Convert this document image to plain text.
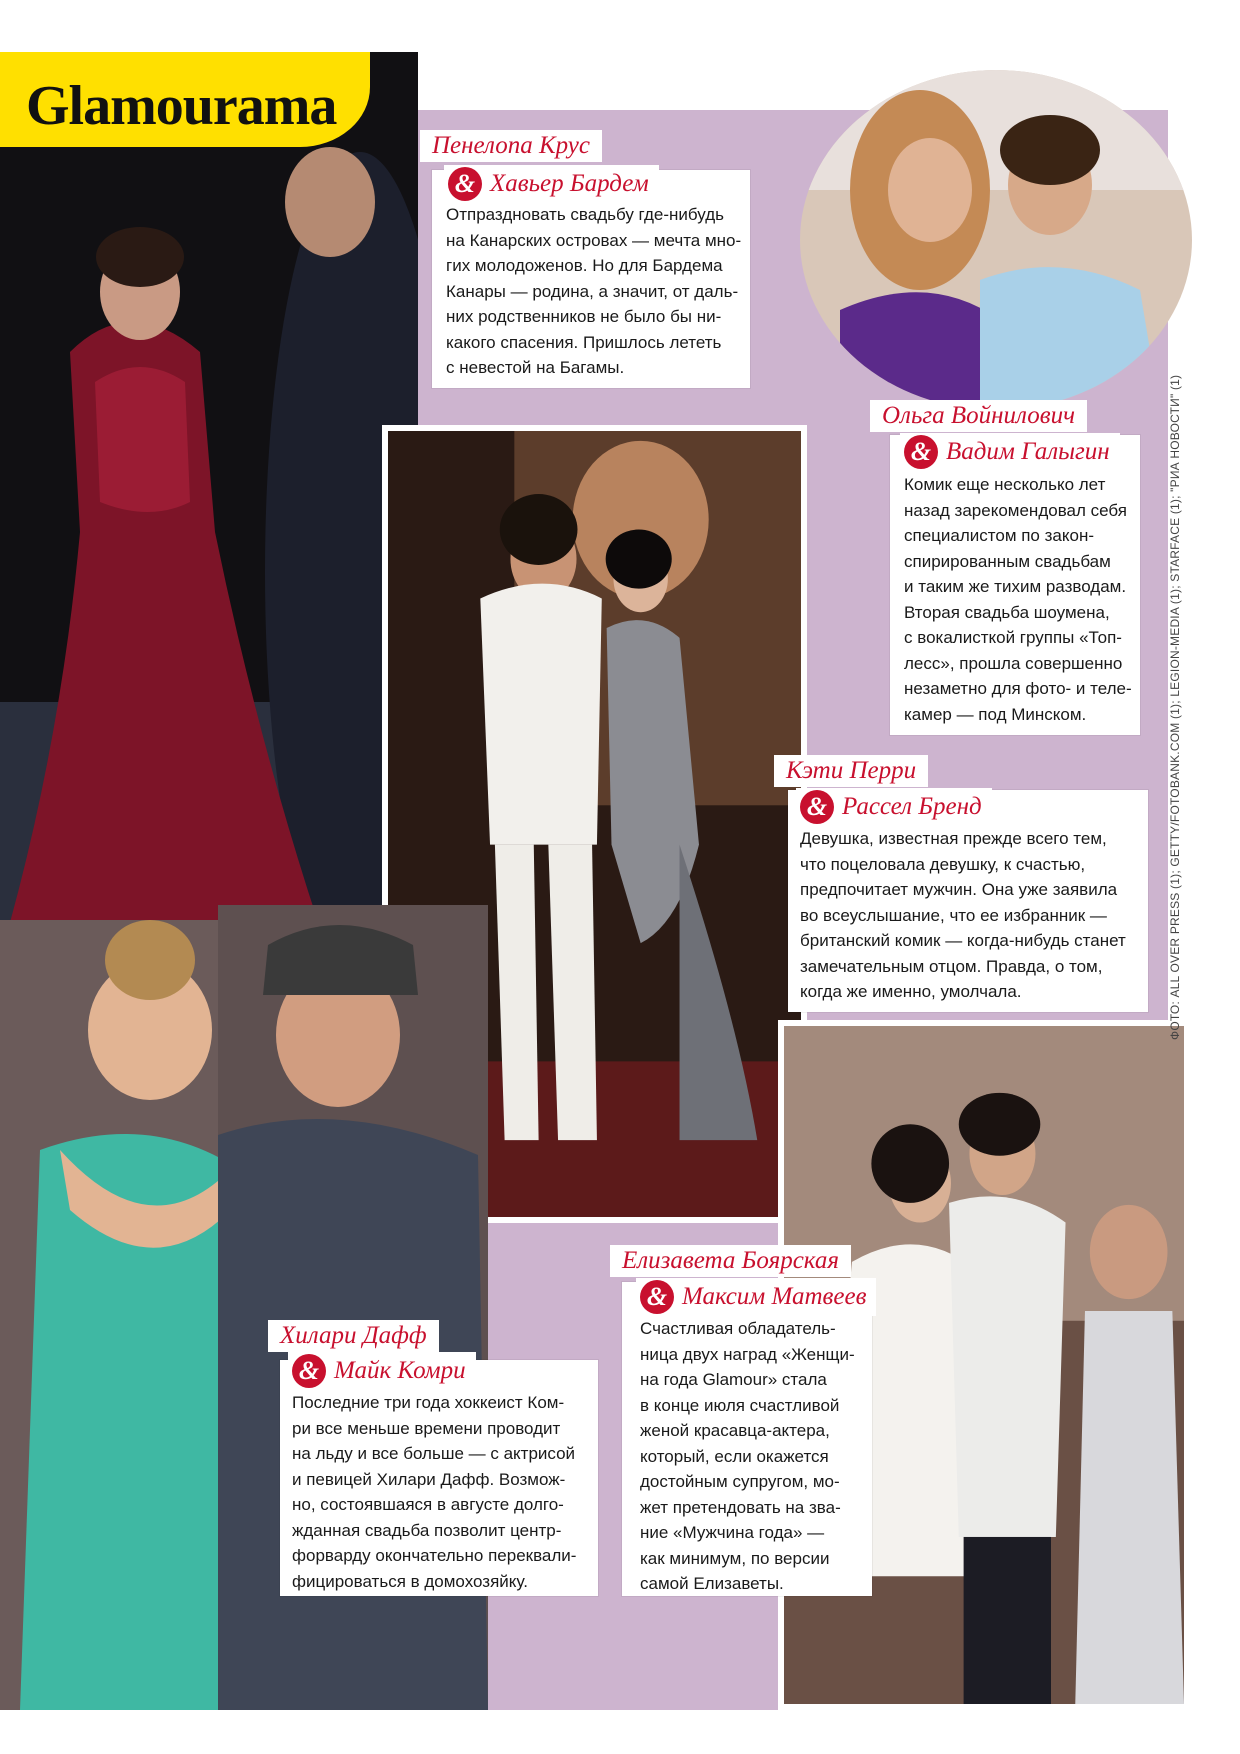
Glamourama
Пенелопа Крус
& Хавьер Бардем
Отпраздновать свадьбу где-нибудь
на Канарских островах — мечта мно-
гих молодоженов. Но для Бардема
Канары — родина, а значит, от даль-
них родственников не было бы ни-
какого спасения. Пришлось лететь
с невестой на Багамы.
Ольга Войнилович
& Вадим Галыгин
Комик еще несколько лет
назад зарекомендовал себя
специалистом по закон-
спирированным свадьбам
и таким же тихим разводам.
Вторая свадьба шоумена,
с вокалисткой группы «Топ-
лесс», прошла совершенно
незаметно для фото- и теле-
камер — под Минском.
Кэти Перри
& Рассел Бренд
Девушка, известная прежде всего тем,
что поцеловала девушку, к счастью,
предпочитает мужчин. Она уже заявила
во всеуслышание, что ее избранник —
британский комик — когда-нибудь станет
замечательным отцом. Правда, о том,
когда же именно, умолчала.
Хилари Дафф
& Майк Комри
Последние три года хоккеист Ком-
ри все меньше времени проводит
на льду и все больше — с актрисой
и певицей Хилари Дафф. Возмож-
но, состоявшаяся в августе долго-
жданная свадьба позволит центр-
форварду окончательно переквали-
фицироваться в домохозяйку.
Елизавета Боярская
& Максим Матвеев
Счастливая обладатель-
ница двух наград «Женщи-
на года Glamour» стала
в конце июля счастливой
женой красавца-актера,
который, если окажется
достойным супругом, мо-
жет претендовать на зва-
ние «Мужчина года» —
как минимум, по версии
самой Елизаветы.
ФОТО: ALL OVER PRESS (1); GETTY/FOTOBANK.COM (1); LEGION-MEDIA (1); STARFACE (1); "РИА НОВОСТИ" (1)
